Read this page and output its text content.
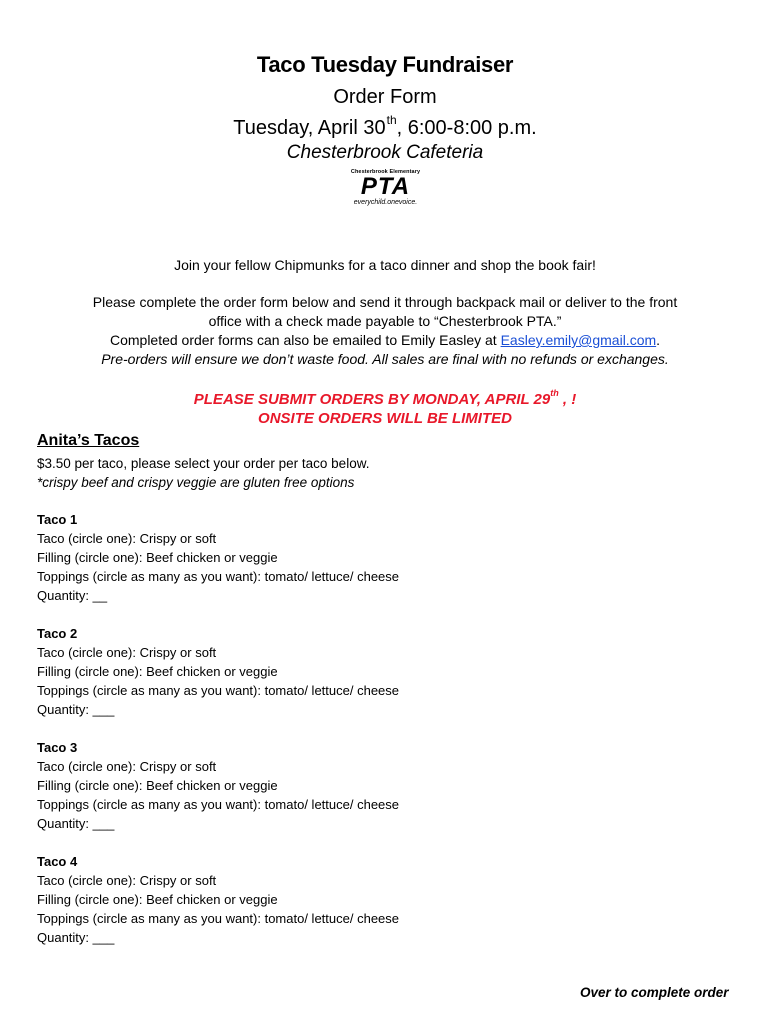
Taco Tuesday Fundraiser
Order Form
Tuesday, April 30th, 6:00-8:00 p.m.
Chesterbrook Cafeteria
Chesterbrook Elementary
PTA
everychild.onevoice.
Join your fellow Chipmunks for a taco dinner and shop the book fair!
Please complete the order form below and send it through backpack mail or deliver to the front
office with a check made payable to “Chesterbrook PTA.”
Completed order forms can also be emailed to Emily Easley at Easley.emily@gmail.com.
Pre-orders will ensure we don’t waste food. All sales are final with no refunds or exchanges.
PLEASE SUBMIT ORDERS BY MONDAY, APRIL 29th , !
ONSITE ORDERS WILL BE LIMITED
Anita’s Tacos
$3.50 per taco, please select your order per taco below.
*crispy beef and crispy veggie are gluten free options
Taco 1
Taco (circle one): Crispy or soft
Filling (circle one): Beef chicken or veggie
Toppings (circle as many as you want): tomato/ lettuce/ cheese
Quantity: __
Taco 2
Taco (circle one): Crispy or soft
Filling (circle one): Beef chicken or veggie
Toppings (circle as many as you want): tomato/ lettuce/ cheese
Quantity: ___
Taco 3
Taco (circle one): Crispy or soft
Filling (circle one): Beef chicken or veggie
Toppings (circle as many as you want): tomato/ lettuce/ cheese
Quantity: ___
Taco 4
Taco (circle one): Crispy or soft
Filling (circle one): Beef chicken or veggie
Toppings (circle as many as you want): tomato/ lettuce/ cheese
Quantity: ___
Over to complete order
